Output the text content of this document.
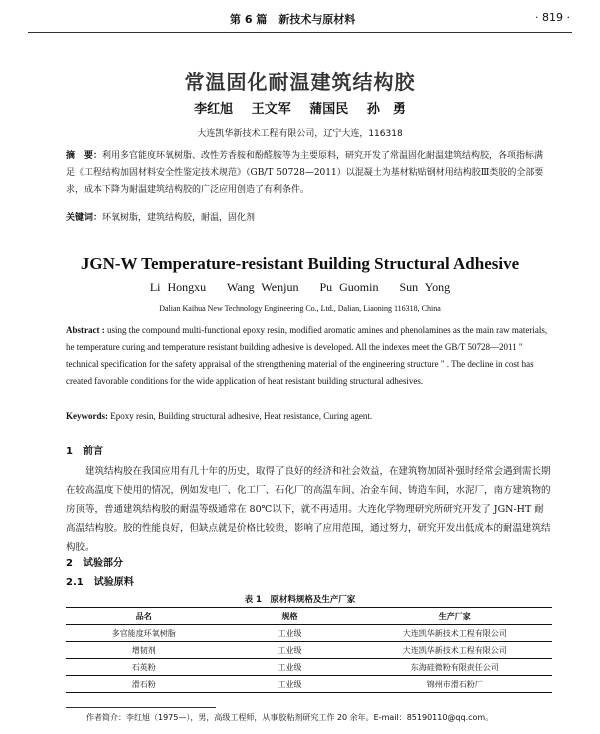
第 6 篇　新技术与原材料	· 819 ·
常温固化耐温建筑结构胶
李红旭 王文军 蒲国民 孙　勇
大连凯华新技术工程有限公司，辽宁大连，116318
摘　要：利用多官能度环氧树脂、改性芳香胺和酚醛胺等为主要原料，研究开发了常温固化耐温建筑结构胶，各项指标满足《工程结构加固材料安全性鉴定技术规范》（GB/T 50728—2011）以混凝土为基材粘贴钢材用结构胶Ⅲ类胶的全部要求，成本下降为耐温建筑结构胶的广泛应用创造了有利条件。
关键词：环氧树脂，建筑结构胶，耐温，固化剂
JGN-W Temperature-resistant Building Structural Adhesive
Li Hongxu Wang Wenjun Pu Guomin Sun Yong
Dalian Kaihua New Technology Engineering Co., Ltd., Dalian, Liaoning 116318, China
Abstract : using the compound multi-functional epoxy resin, modified aromatic amines and phenolamines as the main raw materials, he temperature curing and temperature resistant building adhesive is developed. All the indexes meet the GB/T 50728—2011 " technical specification for the safety appraisal of the strengthening material of the engineering structure " . The decline in cost has created favorable conditions for the wide application of heat resistant building structural adhesives.
Keywords: Epoxy resin, Building structural adhesive, Heat resistance, Curing agent.
1　前言
建筑结构胶在我国应用有几十年的历史，取得了良好的经济和社会效益，在建筑物加固补强时经常会遇到需长期在较高温度下使用的情况，例如发电厂、化工厂、石化厂的高温车间、冶金车间、铸造车间，水泥厂，南方建筑物的房顶等，普通建筑结构胶的耐温等级通常在 80℃以下，就不再适用。大连化学物理研究所研究开发了 JGN-HT 耐高温结构胶。胶的性能良好，但缺点就是价格比较贵，影响了应用范围，通过努力，研究开发出低成本的耐温建筑结构胶。
2　试验部分
2.1　试验原料
表 1　原材料规格及生产厂家
品名	规格	生产厂家
多官能度环氧树脂	工业级	大连凯华新技术工程有限公司
增韧剂	工业级	大连凯华新技术工程有限公司
石英粉	工业级	东海硅微粉有限责任公司
滑石粉	工业级	锦州市滑石粉厂
作者简介：李红旭（1975—），男，高级工程师，从事胶粘剂研究工作 20 余年。E-mail：85190110@qq.com。
